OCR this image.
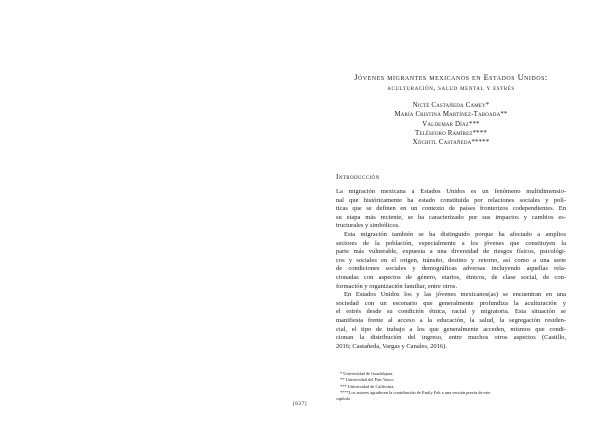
Jóvenes migrantes mexicanos en Estados Unidos:
aculturación, salud mental y estrés
Nicté Castañeda Camey*
María Cristina Martínez-Taboada**
Valdemar Díaz***
Telésforo Ramírez****
Xóchitl Castañeda*****
Introducción
La migración mexicana a Estados Unidos es un fenómeno multidimensio-
nal que históricamente ha estado constituida por relaciones sociales y polí-
ticas que se definen en un contexto de países fronterizos codependientes. En
su etapa más reciente, se ha caracterizado por sus impactos y cambios es-
tructurales y simbólicos.
Esta migración también se ha distinguido porque ha afectado a amplios
sectores de la población, especialmente a los jóvenes que constituyen la
parte más vulnerable, expuesta a una diversidad de riesgos físicos, psicológi-
cos y sociales en el origen, tránsito, destino y retorno, así como a una serie
de condiciones sociales y demográficas adversas incluyendo aquellas rela-
cionadas con aspectos de género, etarios, étnicos, de clase social, de con-
formación y organización familiar, entre otros.
En Estados Unidos los y las jóvenes mexicanos(as) se encuentran en una
sociedad con un escenario que generalmente profundiza la aculturación y
el estrés desde su condición étnica, racial y migratoria. Esta situación se
manifiesta frente al acceso a la educación, la salud, la segregación residen-
cial, el tipo de trabajo a los que generalmente acceden, mismos que condi-
cionan la distribución del ingreso, entre muchos otros aspectos (Castillo,
2016; Castañeda, Vargas y Canales, 2016).
* Universidad de Guadalajara.
** Universidad del País Vasco.
*** Universidad de California.
****Los autores agradecen la contribución de Emily Felt a una versión previa de este
capítulo.
[637]
